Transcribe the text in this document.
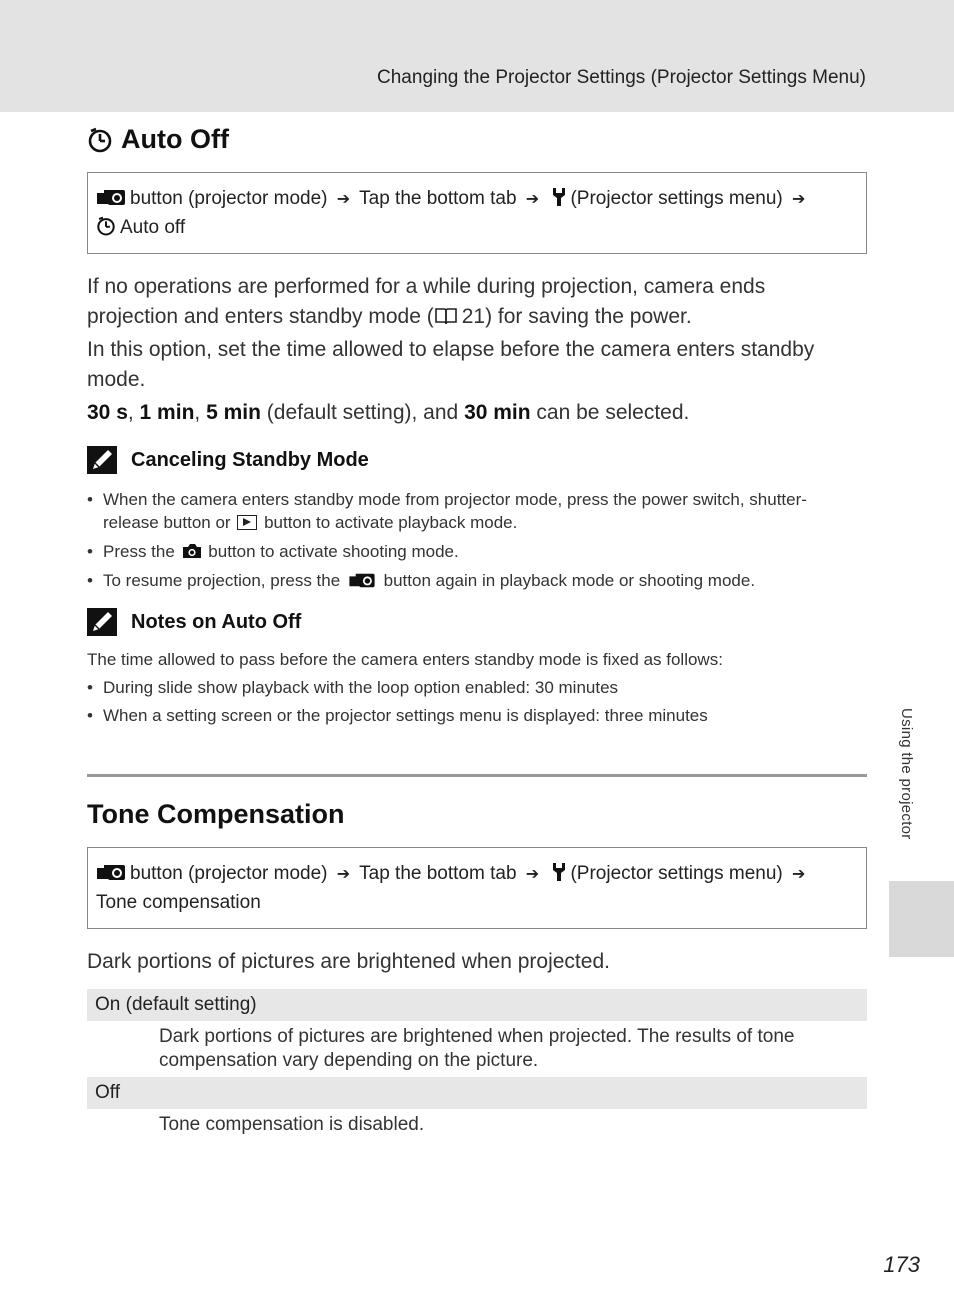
Changing the Projector Settings (Projector Settings Menu)
Auto Off
button (projector mode) ➔ Tap the bottom tab ➔ (Projector settings menu) ➔
Auto off

If no operations are performed for a while during projection, camera ends projection and enters standby mode ( 21) for saving the power.

In this option, set the time allowed to elapse before the camera enters standby mode.

30 s, 1 min, 5 min (default setting), and 30 min can be selected.

Canceling Standby Mode
• When the camera enters standby mode from projector mode, press the power switch, shutter-release button or button to activate playback mode.
• Press the button to activate shooting mode.
• To resume projection, press the	button again in playback mode or shooting mode.
Notes on Auto Off

The time allowed to pass before the camera enters standby mode is fixed as follows:

• During slide show playback with the loop option enabled: 30 minutes
• When a setting screen or the projector settings menu is displayed: three minutes
Tone Compensation
button (projector mode) ➔ Tap the bottom tab ➔ (Projector settings menu) ➔
Tone compensation

Dark portions of pictures are brightened when projected.

On (default setting)

Dark portions of pictures are brightened when projected. The results of tone compensation vary depending on the picture.

Off

Tone compensation is disabled.

Using the projector
173
